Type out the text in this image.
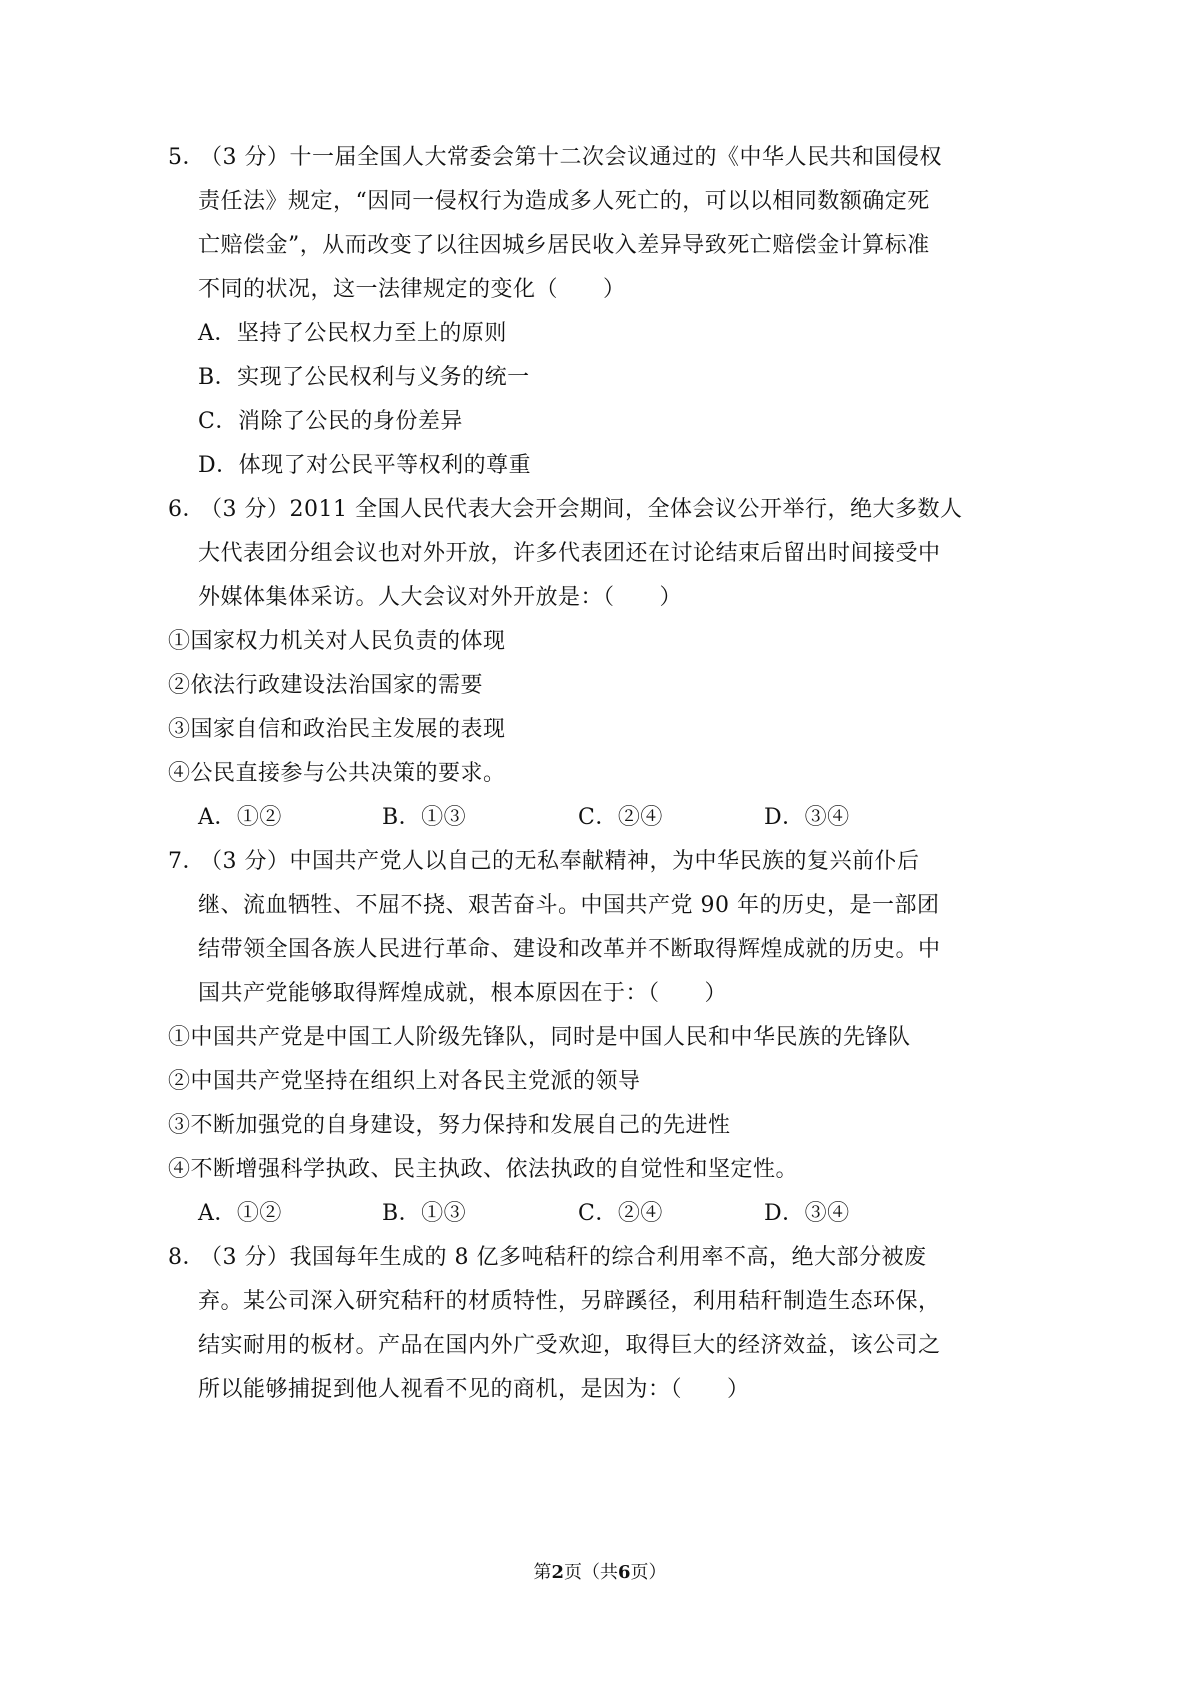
5．（3 分）十一届全国人大常委会第十二次会议通过的《中华人民共和国侵权
责任法》规定，“因同一侵权行为造成多人死亡的，可以以相同数额确定死
亡赔偿金”，从而改变了以往因城乡居民收入差异导致死亡赔偿金计算标准
不同的状况，这一法律规定的变化（　　）
A．坚持了公民权力至上的原则
B．实现了公民权利与义务的统一
C．消除了公民的身份差异
D．体现了对公民平等权利的尊重
6．（3 分）2011 全国人民代表大会开会期间，全体会议公开举行，绝大多数人
大代表团分组会议也对外开放，许多代表团还在讨论结束后留出时间接受中
外媒体集体采访。人大会议对外开放是：（　　）
①国家权力机关对人民负责的体现
②依法行政建设法治国家的需要
③国家自信和政治民主发展的表现
④公民直接参与公共决策的要求。
A．①②	B．①③	C．②④	D．③④
7．（3 分）中国共产党人以自己的无私奉献精神，为中华民族的复兴前仆后
继、流血牺牲、不屈不挠、艰苦奋斗。中国共产党 90 年的历史，是一部团
结带领全国各族人民进行革命、建设和改革并不断取得辉煌成就的历史。中
国共产党能够取得辉煌成就，根本原因在于：（　　）
①中国共产党是中国工人阶级先锋队，同时是中国人民和中华民族的先锋队
②中国共产党坚持在组织上对各民主党派的领导
③不断加强党的自身建设，努力保持和发展自己的先进性
④不断增强科学执政、民主执政、依法执政的自觉性和坚定性。
A．①②	B．①③	C．②④	D．③④
8．（3 分）我国每年生成的 8 亿多吨秸秆的综合利用率不高，绝大部分被废
弃。某公司深入研究秸秆的材质特性，另辟蹊径，利用秸秆制造生态环保，
结实耐用的板材。产品在国内外广受欢迎，取得巨大的经济效益，该公司之
所以能够捕捉到他人视看不见的商机，是因为：（　　）
第2页（共6页）
